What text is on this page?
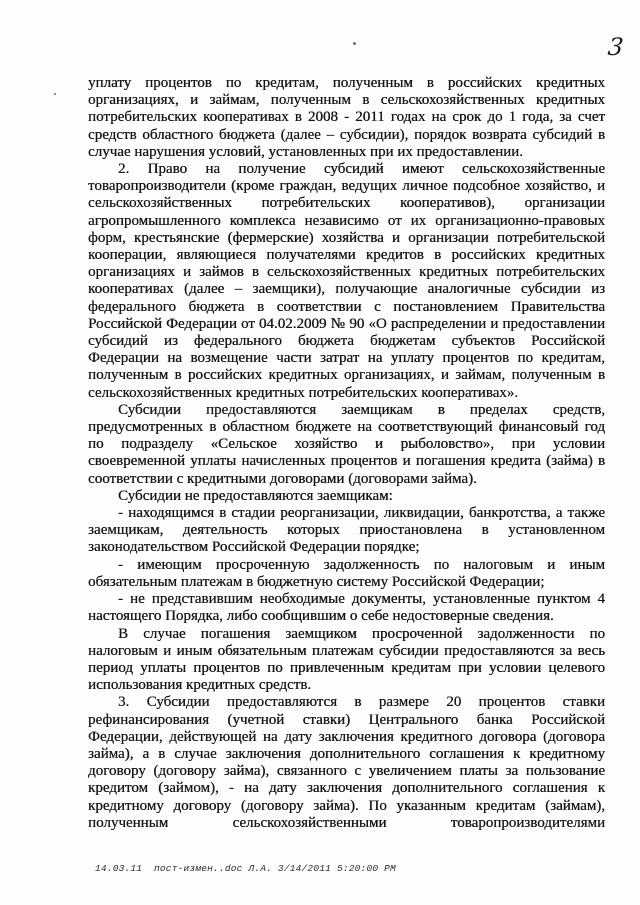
3

уплату процентов по кредитам, полученным в российских кредитных организациях, и займам, полученным в сельскохозяйственных кредитных потребительских кооперативах в 2008 - 2011 годах на срок до 1 года, за счет средств областного бюджета (далее – субсидии), порядок возврата субсидий в случае нарушения условий, установленных при их предоставлении.

2. Право на получение субсидий имеют сельскохозяйственные товаропроизводители (кроме граждан, ведущих личное подсобное хозяйство, и сельскохозяйственных потребительских кооперативов), организации агропромышленного комплекса независимо от их организационно-правовых форм, крестьянские (фермерские) хозяйства и организации потребительской кооперации, являющиеся получателями кредитов в российских кредитных организациях и займов в сельскохозяйственных кредитных потребительских кооперативах (далее – заемщики), получающие аналогичные субсидии из федерального бюджета в соответствии с постановлением Правительства Российской Федерации от 04.02.2009 № 90 «О распределении и предоставлении субсидий из федерального бюджета бюджетам субъектов Российской Федерации на возмещение части затрат на уплату процентов по кредитам, полученным в российских кредитных организациях, и займам, полученным в сельскохозяйственных кредитных потребительских кооперативах».

Субсидии предоставляются заемщикам в пределах средств, предусмотренных в областном бюджете на соответствующий финансовый год по подразделу «Сельское хозяйство и рыболовство», при условии своевременной уплаты начисленных процентов и погашения кредита (займа) в соответствии с кредитными договорами (договорами займа).

Субсидии не предоставляются заемщикам:

- находящимся в стадии реорганизации, ликвидации, банкротства, а также заемщикам, деятельность которых приостановлена в установленном законодательством Российской Федерации порядке;

- имеющим просроченную задолженность по налоговым и иным обязательным платежам в бюджетную систему Российской Федерации;

- не представившим необходимые документы, установленные пунктом 4 настоящего Порядка, либо сообщившим о себе недостоверные сведения.

В случае погашения заемщиком просроченной задолженности по налоговым и иным обязательным платежам субсидии предоставляются за весь период уплаты процентов по привлеченным кредитам при условии целевого использования кредитных средств.

3. Субсидии предоставляются в размере 20 процентов ставки рефинансирования (учетной ставки) Центрального банка Российской Федерации, действующей на дату заключения кредитного договора (договора займа), а в случае заключения дополнительного соглашения к кредитному договору (договору займа), связанного с увеличением платы за пользование кредитом (займом), - на дату заключения дополнительного соглашения к кредитному договору (договору займа). По указанным кредитам (займам), полученным сельскохозяйственными товаропроизводителями

14.03.11  пост-измен..doc Л.А. 3/14/2011 5:20:00 PM
